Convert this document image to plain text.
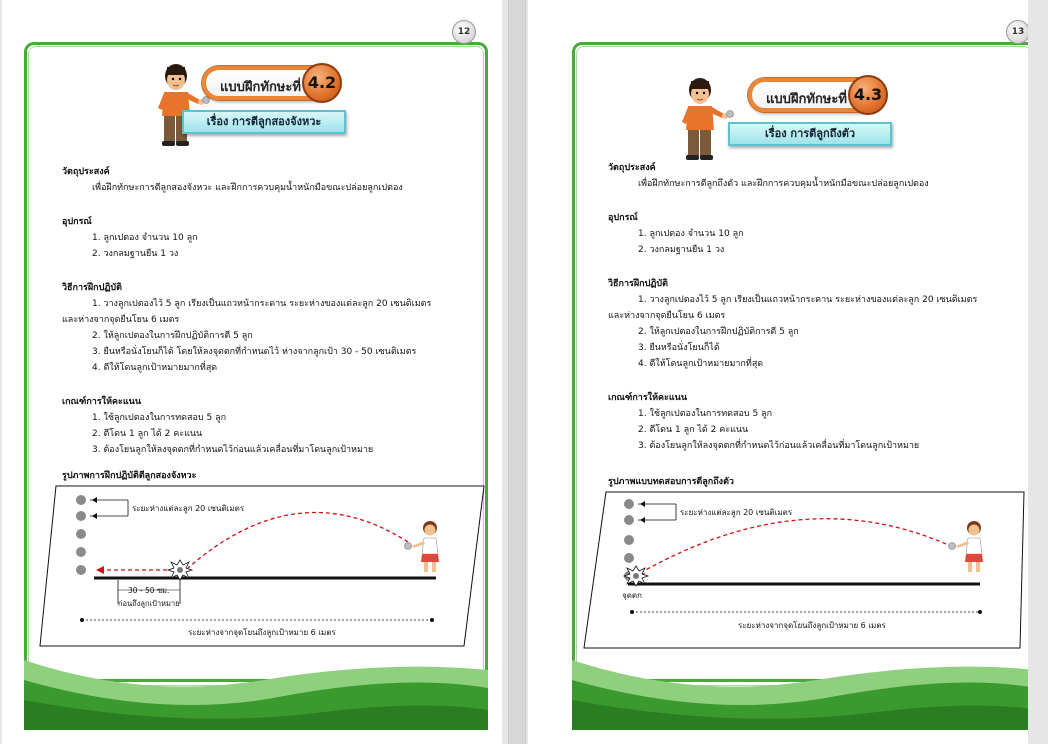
12
แบบฝึกทักษะที่ 4.2
เรื่อง การตีลูกสองจังหวะ
วัตถุประสงค์
เพื่อฝึกทักษะการตีลูกสองจังหวะ และฝึกการควบคุมน้ำหนักมือขณะปล่อยลูกเปตอง
อุปกรณ์
1. ลูกเปตอง จำนวน 10 ลูก
2. วงกลมฐานยืน 1 วง
วิธีการฝึกปฏิบัติ
1. วางลูกเปตองไว้ 5 ลูก เรียงเป็นแถวหน้ากระดาน ระยะห่างของแต่ละลูก 20 เซนติเมตร
และห่างจากจุดยืนโยน 6 เมตร
2. ให้ลูกเปตองในการฝึกปฏิบัติการตี 5 ลูก
3. ยืนหรือนั่งโยนก็ได้ โดยให้ลงจุดตกที่กำหนดไว้ ห่างจากลูกเป้า 30 - 50 เซนติเมตร
4. ตีให้โดนลูกเป้าหมายมากที่สุด
เกณฑ์การให้คะแนน
1. ใช้ลูกเปตองในการทดสอบ 5 ลูก
2. ตีโดน 1 ลูก ได้ 2 คะแนน
3. ต้องโยนลูกให้ลงจุดตกที่กำหนดไว้ก่อนแล้วเคลื่อนที่มาโดนลูกเป้าหมาย
รูปภาพการฝึกปฏิบัติตีลูกสองจังหวะ
ระยะห่างแต่ละลูก 20 เซนติเมตร
30 - 50 ซม.
ก่อนถึงลูกเป้าหมาย
ระยะห่างจากจุดโยนถึงลูกเป้าหมาย 6 เมตร
13
แบบฝึกทักษะที่ 4.3
เรื่อง การตีลูกถึงตัว
วัตถุประสงค์
เพื่อฝึกทักษะการตีลูกถึงตัว และฝึกการควบคุมน้ำหนักมือขณะปล่อยลูกเปตอง
อุปกรณ์
1. ลูกเปตอง จำนวน 10 ลูก
2. วงกลมฐานยืน 1 วง
วิธีการฝึกปฏิบัติ
1. วางลูกเปตองไว้ 5 ลูก เรียงเป็นแถวหน้ากระดาน ระยะห่างของแต่ละลูก 20 เซนติเมตร
และห่างจากจุดยืนโยน 6 เมตร
2. ให้ลูกเปตองในการฝึกปฏิบัติการตี 5 ลูก
3. ยืนหรือนั่งโยนก็ได้
4. ตีให้โดนลูกเป้าหมายมากที่สุด
เกณฑ์การให้คะแนน
1. ใช้ลูกเปตองในการทดสอบ 5 ลูก
2. ตีโดน 1 ลูก ได้ 2 คะแนน
3. ต้องโยนลูกให้ลงจุดตกที่กำหนดไว้ก่อนแล้วเคลื่อนที่มาโดนลูกเป้าหมาย
รูปภาพแบบทดสอบการตีลูกถึงตัว
ระยะห่างแต่ละลูก 20 เซนติเมตร
จุดตก
ระยะห่างจากจุดโยนถึงลูกเป้าหมาย 6 เมตร
